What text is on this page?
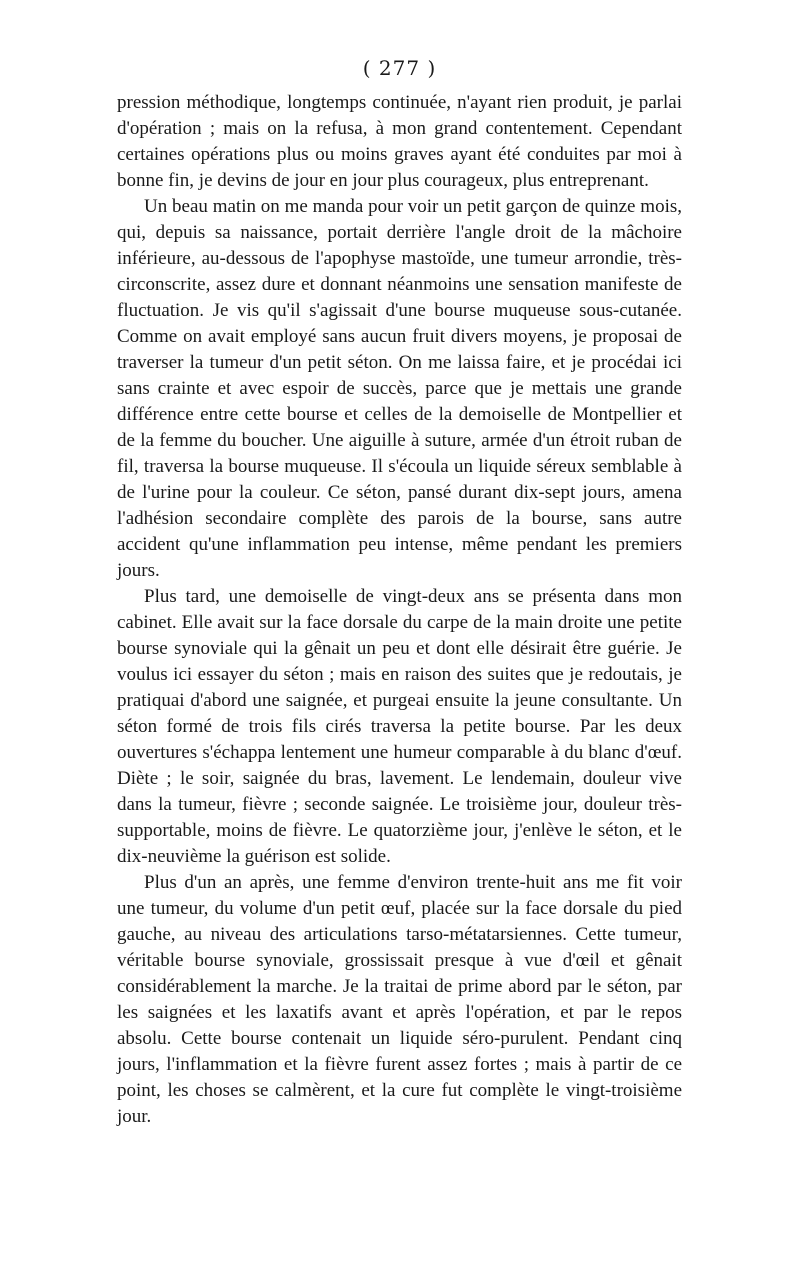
( 277 )

pression méthodique, longtemps continuée, n'ayant rien produit, je parlai d'opération ; mais on la refusa, à mon grand contentement. Cependant certaines opérations plus ou moins graves ayant été conduites par moi à bonne fin, je devins de jour en jour plus courageux, plus entreprenant.

Un beau matin on me manda pour voir un petit garçon de quinze mois, qui, depuis sa naissance, portait derrière l'angle droit de la mâchoire inférieure, au-dessous de l'apophyse mastoïde, une tumeur arrondie, très-circonscrite, assez dure et donnant néanmoins une sensation manifeste de fluctuation. Je vis qu'il s'agissait d'une bourse muqueuse sous-cutanée. Comme on avait employé sans aucun fruit divers moyens, je proposai de traverser la tumeur d'un petit séton. On me laissa faire, et je procédai ici sans crainte et avec espoir de succès, parce que je mettais une grande différence entre cette bourse et celles de la demoiselle de Montpellier et de la femme du boucher. Une aiguille à suture, armée d'un étroit ruban de fil, traversa la bourse muqueuse. Il s'écoula un liquide séreux semblable à de l'urine pour la couleur. Ce séton, pansé durant dix-sept jours, amena l'adhésion secondaire complète des parois de la bourse, sans autre accident qu'une inflammation peu intense, même pendant les premiers jours.

Plus tard, une demoiselle de vingt-deux ans se présenta dans mon cabinet. Elle avait sur la face dorsale du carpe de la main droite une petite bourse synoviale qui la gênait un peu et dont elle désirait être guérie. Je voulus ici essayer du séton ; mais en raison des suites que je redoutais, je pratiquai d'abord une saignée, et purgeai ensuite la jeune consultante. Un séton formé de trois fils cirés traversa la petite bourse. Par les deux ouvertures s'échappa lentement une humeur comparable à du blanc d'œuf. Diète ; le soir, saignée du bras, lavement. Le lendemain, douleur vive dans la tumeur, fièvre ; seconde saignée. Le troisième jour, douleur très-supportable, moins de fièvre. Le quatorzième jour, j'enlève le séton, et le dix-neuvième la guérison est solide.

Plus d'un an après, une femme d'environ trente-huit ans me fit voir une tumeur, du volume d'un petit œuf, placée sur la face dorsale du pied gauche, au niveau des articulations tarso-métatarsiennes. Cette tumeur, véritable bourse synoviale, grossissait presque à vue d'œil et gênait considérablement la marche. Je la traitai de prime abord par le séton, par les saignées et les laxatifs avant et après l'opération, et par le repos absolu. Cette bourse contenait un liquide séro-purulent. Pendant cinq jours, l'inflammation et la fièvre furent assez fortes ; mais à partir de ce point, les choses se calmèrent, et la cure fut complète le vingt-troisième jour.
